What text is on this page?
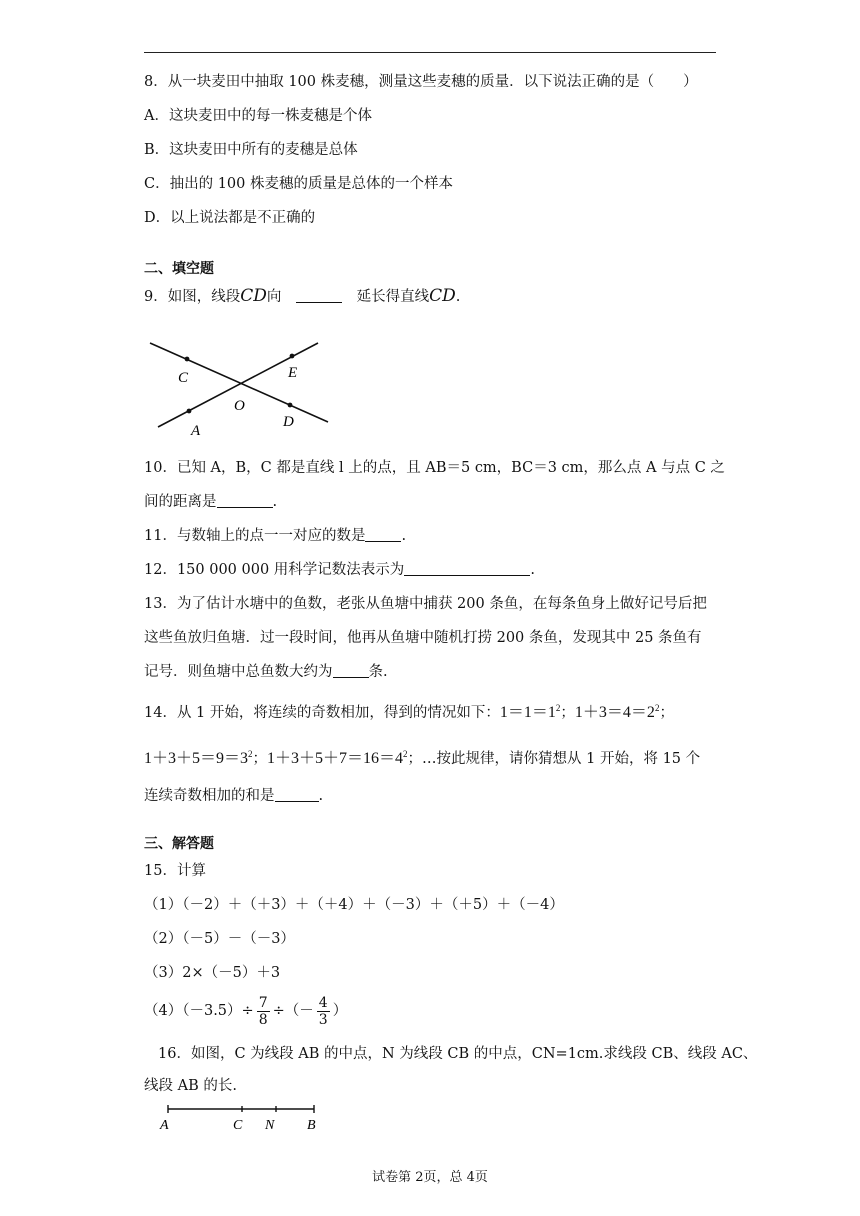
8．从一块麦田中抽取 100 株麦穗，测量这些麦穗的质量．以下说法正确的是（　　）
A．这块麦田中的每一株麦穗是个体
B．这块麦田中所有的麦穗是总体
C．抽出的 100 株麦穗的质量是总体的一个样本
D．以上说法都是不正确的
二、填空题
9．如图，线段CD向	延长得直线CD.
C	E
O
A
D
10．已知 A，B，C 都是直线 l 上的点，且 AB＝5 cm，BC＝3 cm，那么点 A 与点 C 之
间的距离是	.
11．与数轴上的点一一对应的数是 .
12．150 000 000 用科学记数法表示为	.
13．为了估计水塘中的鱼数，老张从鱼塘中捕获 200 条鱼，在每条鱼身上做好记号后把
这些鱼放归鱼塘．过一段时间，他再从鱼塘中随机打捞 200 条鱼，发现其中 25 条鱼有
记号．则鱼塘中总鱼数大约为 条.
14．从 1 开始，将连续的奇数相加，得到的情况如下：$1=1=1^2$；$1+3=4=2^2$；
$1+3+5=9=3^2$；$1+3+5+7=16=4^2$；…按此规律，请你猜想从 1 开始，将 15 个
连续奇数相加的和是	.
三、解答题
15．计算
（1）（－2）＋（＋3）＋（＋4）＋（－3）＋（＋5）＋（－4）
（2）（－5）－（－3）
（3）2×（－5）＋3
$(4)(-3.5)\div \frac{7}{8}$ ÷（－ $\frac{4}{3}$ ）
16．如图，C 为线段 AB 的中点，N 为线段 CB 的中点，CN=1cm.求线段 CB、线段 AC、
线段 AB 的长.
A	C N B
试卷第 2页，总 4页
